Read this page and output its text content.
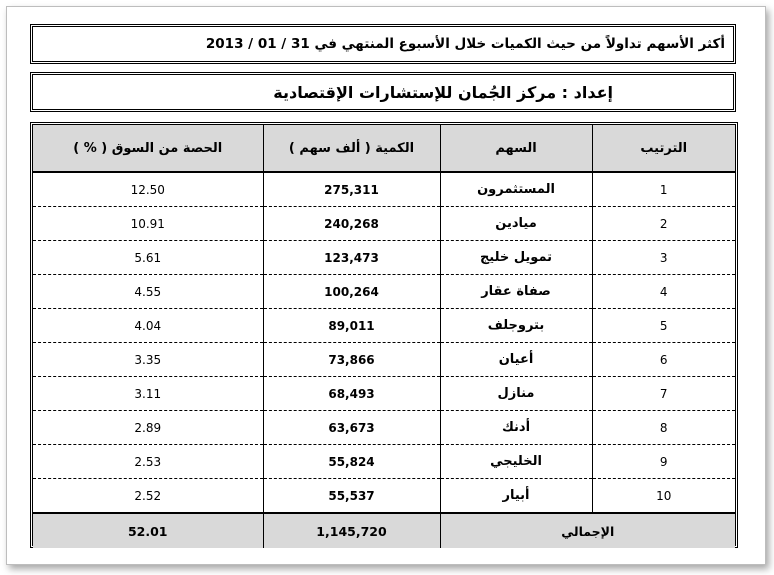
أكثر الأسهم تداولاً من حيث الكميات خلال الأسبوع المنتهي في 31 / 01 / 2013
إعداد : مركز الجُمان للإستشارات الإقتصادية
الترتيب	السهم	الكمية ( ألف سهم )	الحصة من السوق ( % )
1	المستثمرون	275,311	12.50
2	ميادين	240,268	10.91
3	تمويل خليج	123,473	5.61
4	صفاة عقار	100,264	4.55
5	بتروجلف	89,011	4.04
6	أعيان	73,866	3.35
7	منازل	68,493	3.11
8	أدنك	63,673	2.89
9	الخليجي	55,824	2.53
10	أبيار	55,537	2.52
الإجمالي		1,145,720	52.01
